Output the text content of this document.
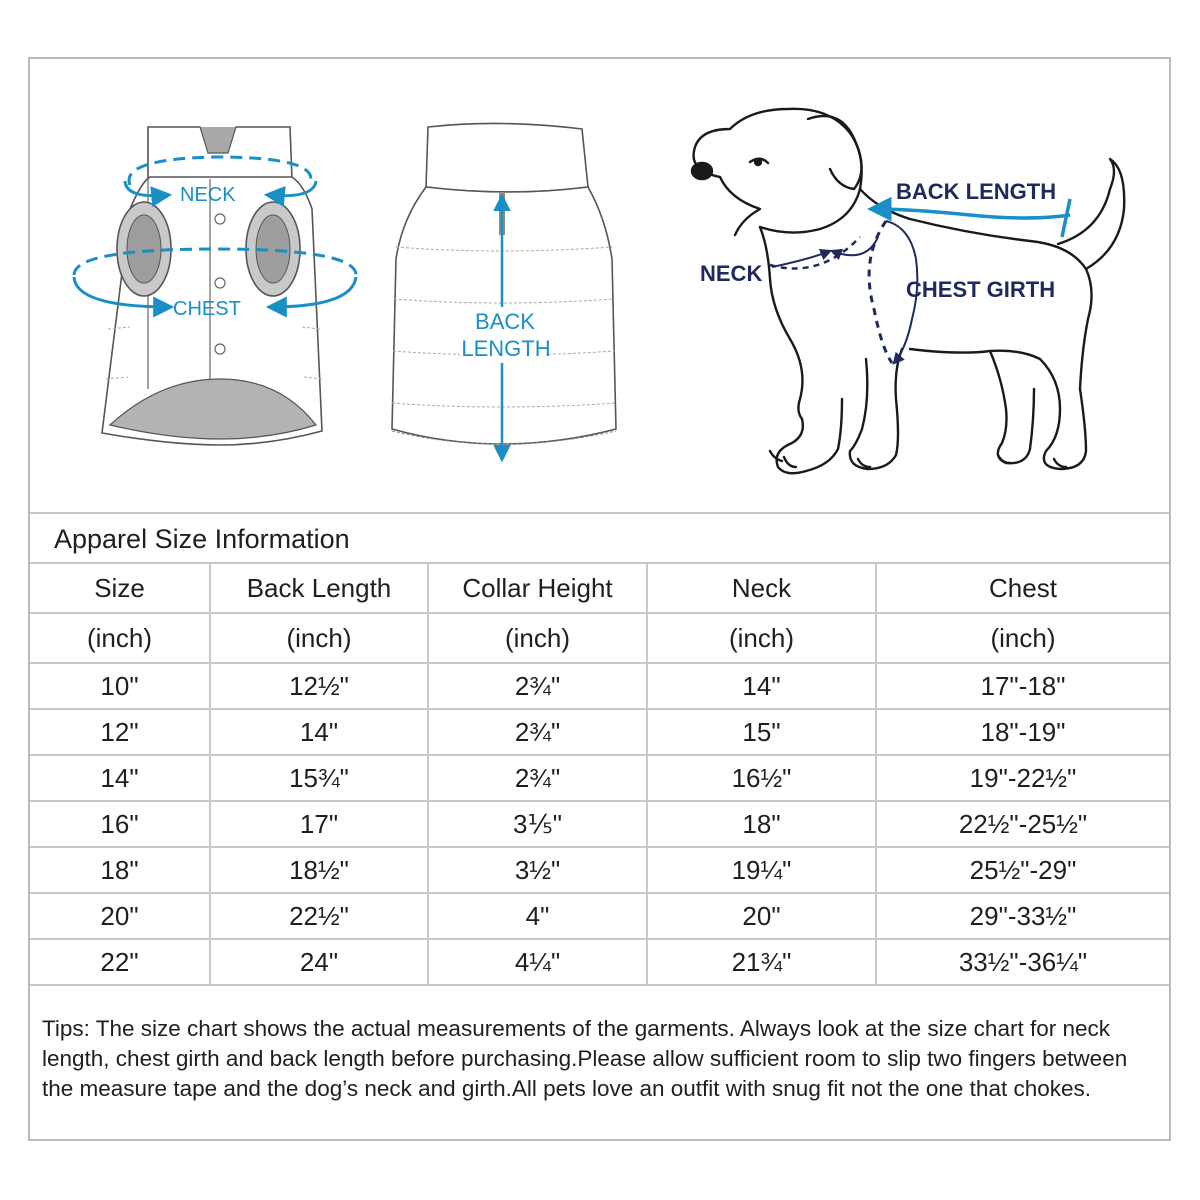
NECK
CHEST	BACK
LENGTH
BACK LENGTH
NECK
CHEST GIRTH
Apparel Size Information
Size	Back Length	Collar Height	Neck	Chest
(inch)	(inch)	(inch)	(inch)	(inch)
10"	12½"	2¾"	14"	17"-18"
12"	14"	2¾"	15"	18"-19"
14"	15¾"	2¾"	16½"	19"-22½"
16"	17"	3⅕"	18"	22½"-25½"
18"	18½"	3½"	19¼"	25½"-29"
20"	22½"	4"	20"	29"-33½"
22"	24"	4¼"	21¾"	33½"-36¼"
Tips: The size chart shows the actual measurements of the garments. Always look at the size chart for neck length, chest girth and back length before purchasing.Please allow sufficient room to slip two fingers between the measure tape and the dog’s neck and girth.All pets love an outfit with snug fit not the one that chokes.
